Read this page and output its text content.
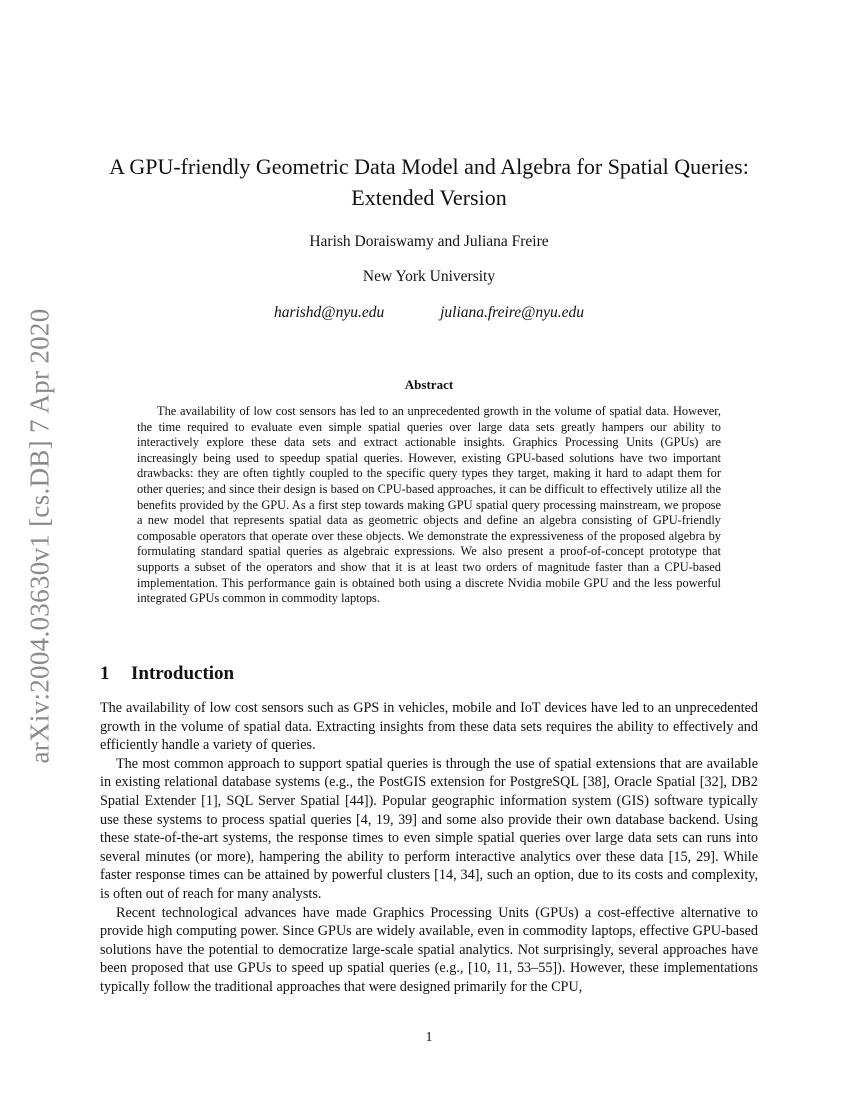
arXiv:2004.03630v1 [cs.DB] 7 Apr 2020
A GPU-friendly Geometric Data Model and Algebra for Spatial Queries: Extended Version
Harish Doraiswamy and Juliana Freire
New York University
harishd@nyu.edu	juliana.freire@nyu.edu
Abstract

The availability of low cost sensors has led to an unprecedented growth in the volume of spatial data. However, the time required to evaluate even simple spatial queries over large data sets greatly hampers our ability to interactively explore these data sets and extract actionable insights. Graphics Processing Units (GPUs) are increasingly being used to speedup spatial queries. However, existing GPU-based solutions have two important drawbacks: they are often tightly coupled to the specific query types they target, making it hard to adapt them for other queries; and since their design is based on CPU-based approaches, it can be difficult to effectively utilize all the benefits provided by the GPU. As a first step towards making GPU spatial query processing mainstream, we propose a new model that represents spatial data as geometric objects and define an algebra consisting of GPU-friendly composable operators that operate over these objects. We demonstrate the expressiveness of the proposed algebra by formulating standard spatial queries as algebraic expressions. We also present a proof-of-concept prototype that supports a subset of the operators and show that it is at least two orders of magnitude faster than a CPU-based implementation. This performance gain is obtained both using a discrete Nvidia mobile GPU and the less powerful integrated GPUs common in commodity laptops.

1 Introduction

The availability of low cost sensors such as GPS in vehicles, mobile and IoT devices have led to an unprecedented growth in the volume of spatial data. Extracting insights from these data sets requires the ability to effectively and efficiently handle a variety of queries.

The most common approach to support spatial queries is through the use of spatial extensions that are available in existing relational database systems (e.g., the PostGIS extension for PostgreSQL [38], Oracle Spatial [32], DB2 Spatial Extender [1], SQL Server Spatial [44]). Popular geographic information system (GIS) software typically use these systems to process spatial queries [4, 19, 39] and some also provide their own database backend. Using these state-of-the-art systems, the response times to even simple spatial queries over large data sets can runs into several minutes (or more), hampering the ability to perform interactive analytics over these data [15, 29]. While faster response times can be attained by powerful clusters [14, 34], such an option, due to its costs and complexity, is often out of reach for many analysts.

Recent technological advances have made Graphics Processing Units (GPUs) a cost-effective alternative to provide high computing power. Since GPUs are widely available, even in commodity laptops, effective GPU-based solutions have the potential to democratize large-scale spatial analytics. Not surprisingly, several approaches have been proposed that use GPUs to speed up spatial queries (e.g., [10, 11, 53–55]). However, these implementations typically follow the traditional approaches that were designed primarily for the CPU,

1
